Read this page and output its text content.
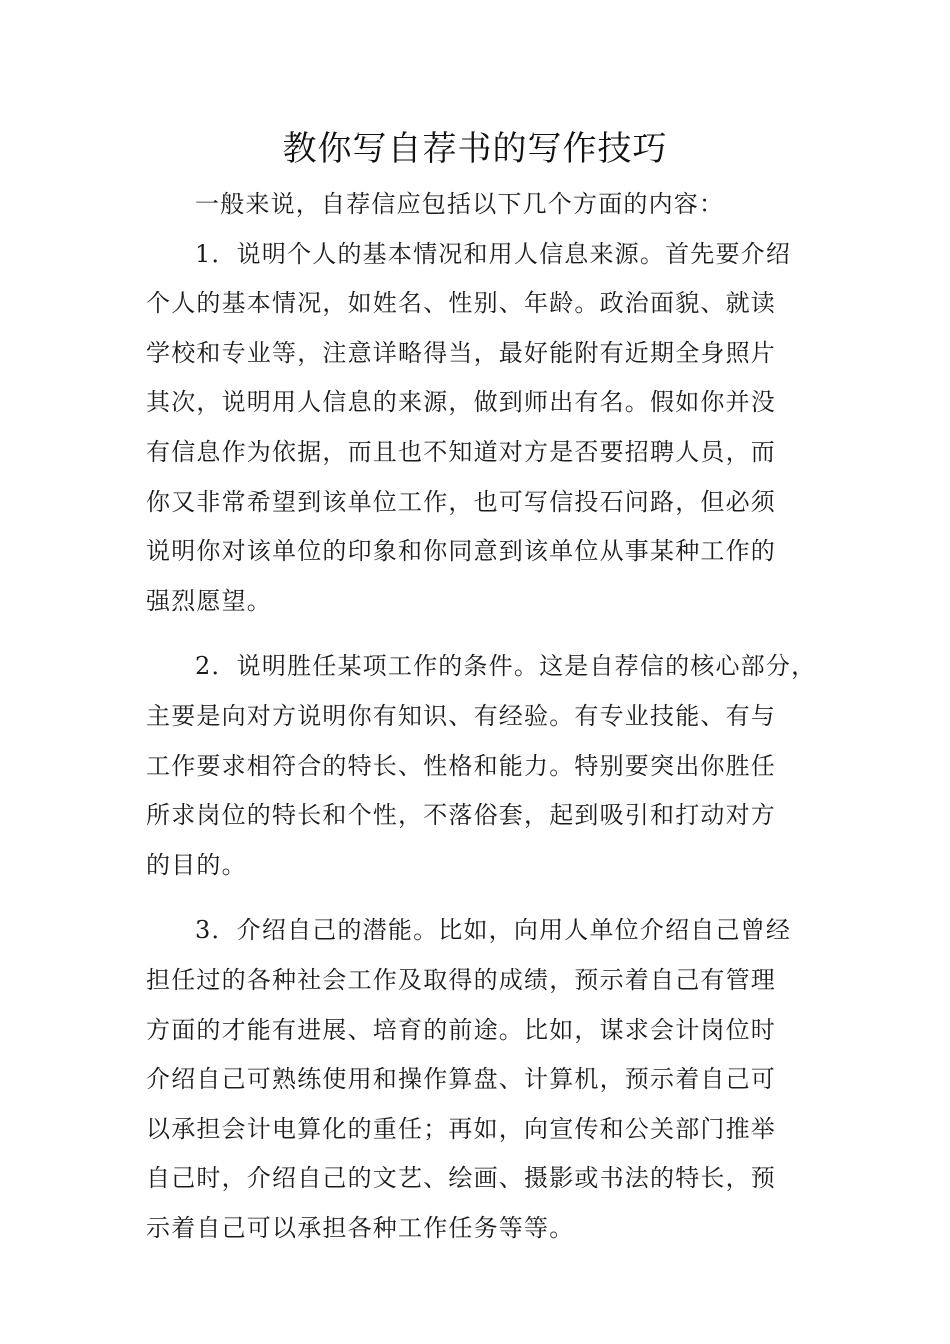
教你写自荐书的写作技巧
一般来说，自荐信应包括以下几个方面的内容：
1．说明个人的基本情况和用人信息来源。首先要介绍
个人的基本情况，如姓名、性别、年龄。政治面貌、就读
学校和专业等，注意详略得当，最好能附有近期全身照片
其次，说明用人信息的来源，做到师出有名。假如你并没
有信息作为依据，而且也不知道对方是否要招聘人员，而
你又非常希望到该单位工作，也可写信投石问路，但必须
说明你对该单位的印象和你同意到该单位从事某种工作的
强烈愿望。
2．说明胜任某项工作的条件。这是自荐信的核心部分，
主要是向对方说明你有知识、有经验。有专业技能、有与
工作要求相符合的特长、性格和能力。特别要突出你胜任
所求岗位的特长和个性，不落俗套，起到吸引和打动对方
的目的。
3．介绍自己的潜能。比如，向用人单位介绍自己曾经
担任过的各种社会工作及取得的成绩，预示着自己有管理
方面的才能有进展、培育的前途。比如，谋求会计岗位时
介绍自己可熟练使用和操作算盘、计算机，预示着自己可
以承担会计电算化的重任；再如，向宣传和公关部门推举
自己时，介绍自己的文艺、绘画、摄影或书法的特长，预
示着自己可以承担各种工作任务等等。
